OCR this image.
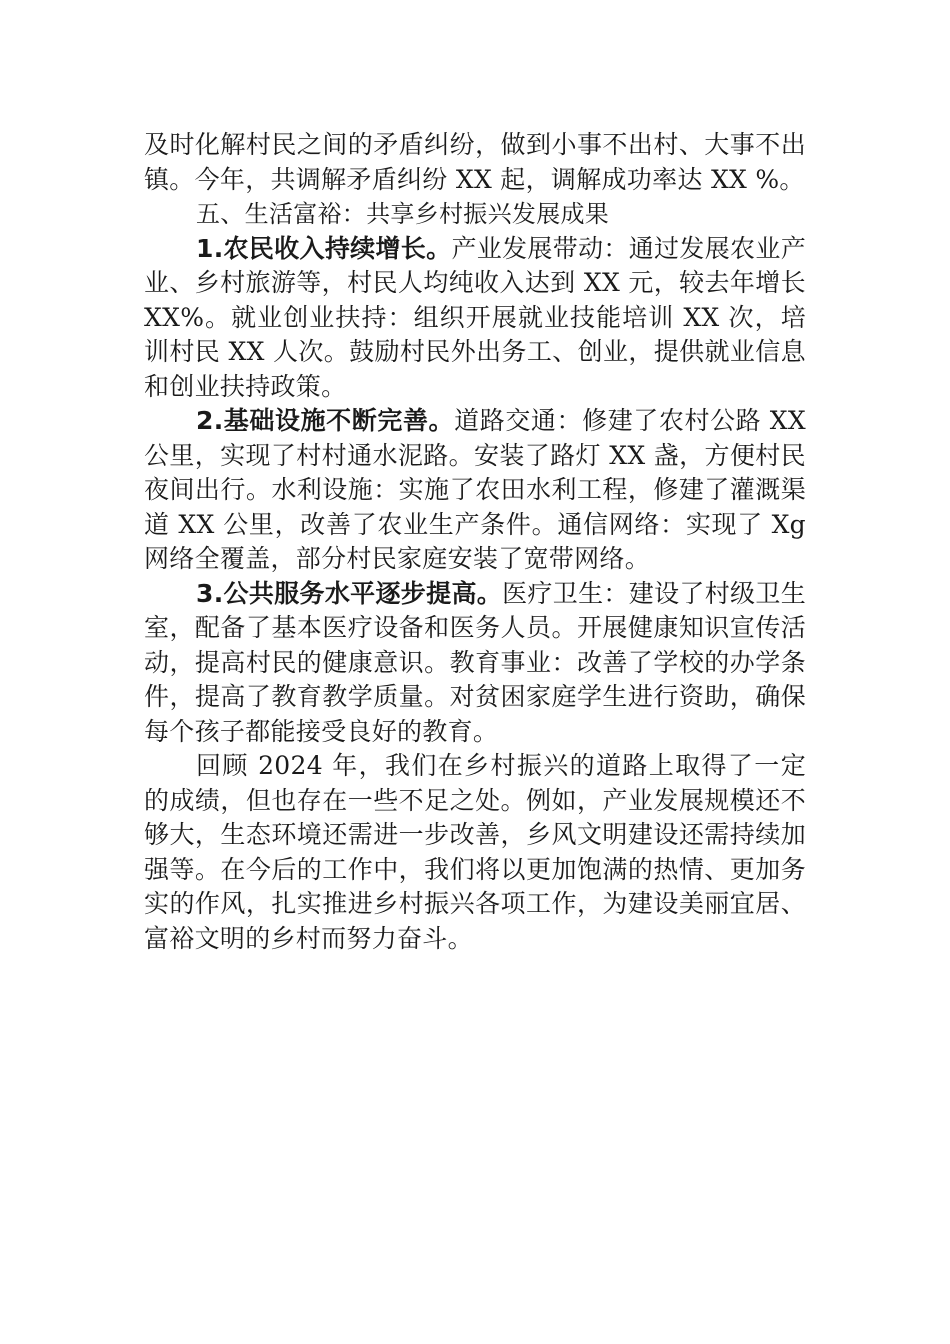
及时化解村民之间的矛盾纠纷，做到小事不出村、大事不出镇。今年，共调解矛盾纠纷 XX 起，调解成功率达 XX %。

五、生活富裕：共享乡村振兴发展成果

1.农民收入持续增长。产业发展带动：通过发展农业产业、乡村旅游等，村民人均纯收入达到 XX 元，较去年增长 XX%。就业创业扶持：组织开展就业技能培训 XX 次，培训村民 XX 人次。鼓励村民外出务工、创业，提供就业信息和创业扶持政策。

2.基础设施不断完善。道路交通：修建了农村公路 XX 公里，实现了村村通水泥路。安装了路灯 XX 盏，方便村民夜间出行。水利设施：实施了农田水利工程，修建了灌溉渠道 XX 公里，改善了农业生产条件。通信网络：实现了 Xg 网络全覆盖，部分村民家庭安装了宽带网络。

3.公共服务水平逐步提高。医疗卫生：建设了村级卫生室，配备了基本医疗设备和医务人员。开展健康知识宣传活动，提高村民的健康意识。教育事业：改善了学校的办学条件，提高了教育教学质量。对贫困家庭学生进行资助，确保每个孩子都能接受良好的教育。

回顾 2024 年，我们在乡村振兴的道路上取得了一定的成绩，但也存在一些不足之处。例如，产业发展规模还不够大，生态环境还需进一步改善，乡风文明建设还需持续加强等。在今后的工作中，我们将以更加饱满的热情、更加务实的作风，扎实推进乡村振兴各项工作，为建设美丽宜居、富裕文明的乡村而努力奋斗。
